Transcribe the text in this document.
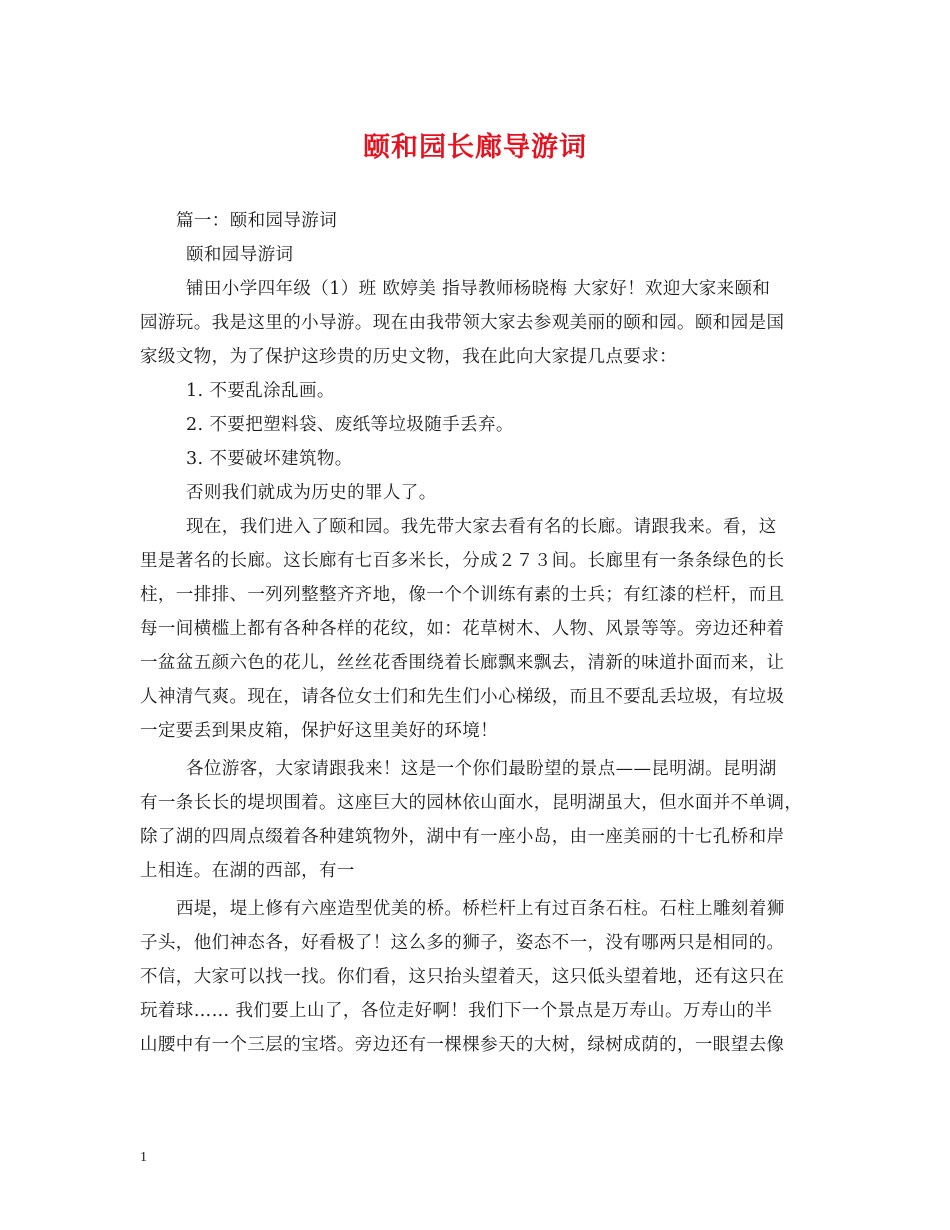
颐和园长廊导游词
篇一：颐和园导游词
颐和园导游词
铺田小学四年级（1）班 欧婷美 指导教师杨晓梅 大家好！欢迎大家来颐和
园游玩。我是这里的小导游。现在由我带领大家去参观美丽的颐和园。颐和园是国
家级文物，为了保护这珍贵的历史文物，我在此向大家提几点要求：
1. 不要乱涂乱画。
2. 不要把塑料袋、废纸等垃圾随手丢弃。
3. 不要破坏建筑物。
否则我们就成为历史的罪人了。
现在，我们进入了颐和园。我先带大家去看有名的长廊。请跟我来。看，这
里是著名的长廊。这长廊有七百多米长，分成２７３间。长廊里有一条条绿色的长
柱，一排排、一列列整整齐齐地，像一个个训练有素的士兵；有红漆的栏杆，而且
每一间横槛上都有各种各样的花纹，如：花草树木、人物、风景等等。旁边还种着
一盆盆五颜六色的花儿，丝丝花香围绕着长廊飘来飘去，清新的味道扑面而来，让
人神清气爽。现在，请各位女士们和先生们小心梯级，而且不要乱丢垃圾，有垃圾
一定要丢到果皮箱，保护好这里美好的环境！
各位游客，大家请跟我来！这是一个你们最盼望的景点——昆明湖。昆明湖
有一条长长的堤坝围着。这座巨大的园林依山面水，昆明湖虽大，但水面并不单调，
除了湖的四周点缀着各种建筑物外，湖中有一座小岛，由一座美丽的十七孔桥和岸
上相连。在湖的西部，有一
西堤，堤上修有六座造型优美的桥。桥栏杆上有过百条石柱。石柱上雕刻着狮
子头，他们神态各，好看极了！这么多的狮子，姿态不一，没有哪两只是相同的。
不信，大家可以找一找。你们看，这只抬头望着天，这只低头望着地，还有这只在
玩着球…… 我们要上山了，各位走好啊！我们下一个景点是万寿山。万寿山的半
山腰中有一个三层的宝塔。旁边还有一棵棵参天的大树，绿树成荫的，一眼望去像
1
